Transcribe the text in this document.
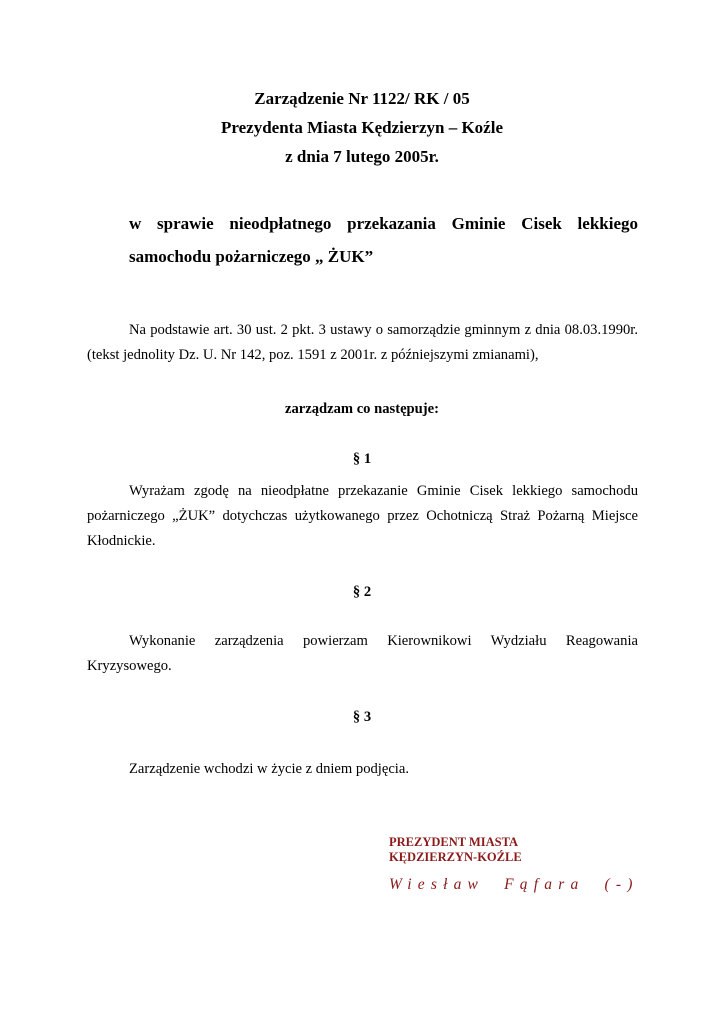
Zarządzenie Nr 1122/ RK / 05
Prezydenta Miasta Kędzierzyn – Koźle
z dnia 7 lutego 2005r.
w sprawie nieodpłatnego przekazania Gminie Cisek lekkiego
samochodu pożarniczego „ ŻUK”
Na podstawie art. 30 ust. 2 pkt. 3 ustawy o samorządzie gminnym z dnia 08.03.1990r. (tekst jednolity Dz. U. Nr 142, poz. 1591 z 2001r. z późniejszymi zmianami),
zarządzam co następuje:
§ 1
Wyrażam zgodę na nieodpłatne przekazanie Gminie Cisek lekkiego samochodu pożarniczego „ŻUK” dotychczas użytkowanego przez Ochotniczą Straż Pożarną Miejsce Kłodnickie.
§ 2
Wykonanie zarządzenia powierzam Kierownikowi Wydziału Reagowania Kryzysowego.
§ 3
Zarządzenie wchodzi w życie z dniem podjęcia.
PREZYDENT MIASTA
KĘDZIERZYN-KOŹLE
Wiesław Fąfara (-)
